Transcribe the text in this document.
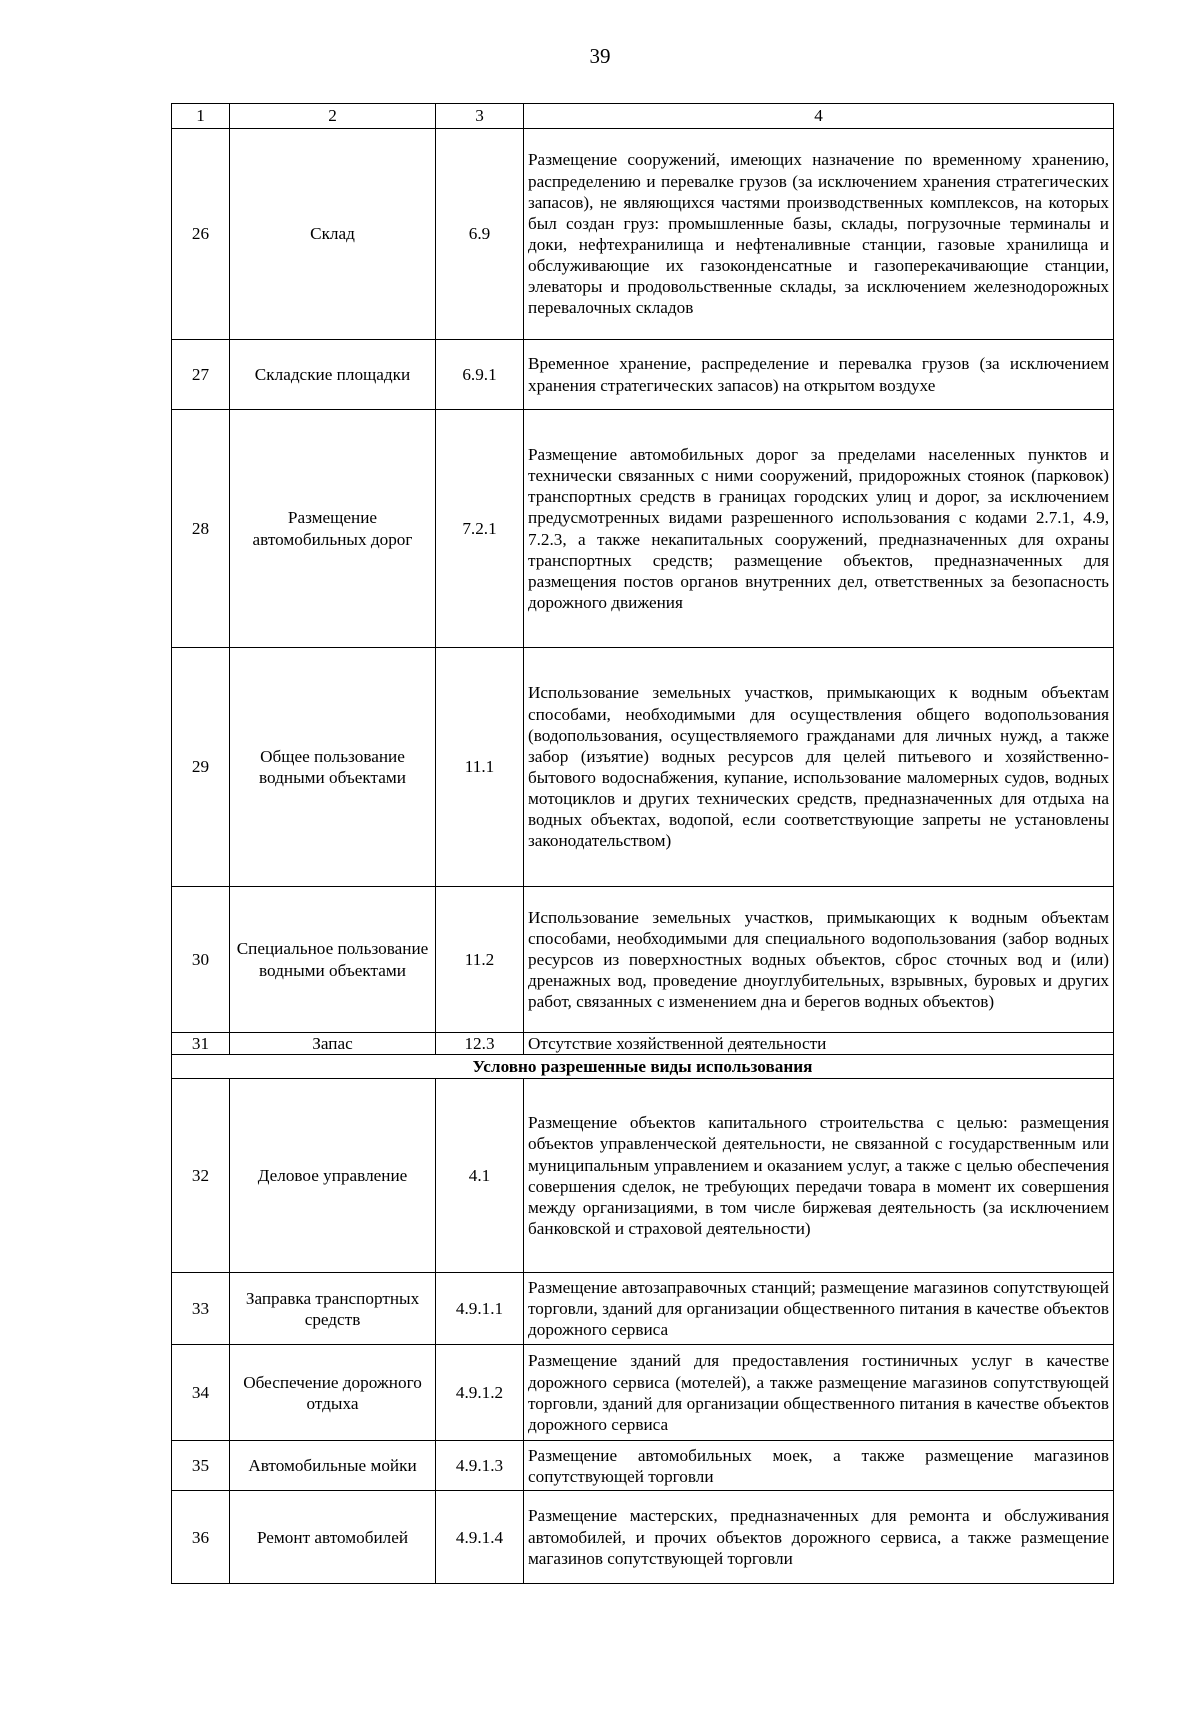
39
1	2	3	4
26	Склад	6.9	Размещение сооружений, имеющих назначение по временному хранению, распределению и перевалке грузов (за исключением хранения стратегических запасов), не являющихся частями производственных комплексов, на которых был создан груз: промышленные базы, склады, погрузочные терминалы и доки, нефтехранилища и нефтеналивные станции, газовые хранилища и обслуживающие их газоконденсатные и газоперекачивающие станции, элеваторы и продовольственные склады, за исключением железнодорожных перевалочных складов
27	Складские площадки	6.9.1	Временное хранение, распределение и перевалка грузов (за исключением хранения стратегических запасов) на открытом воздухе
28	Размещение автомобильных дорог	7.2.1	Размещение автомобильных дорог за пределами населенных пунктов и технически связанных с ними сооружений, придорожных стоянок (парковок) транспортных средств в границах городских улиц и дорог, за исключением предусмотренных видами разрешенного использования с кодами 2.7.1, 4.9, 7.2.3, а также некапитальных сооружений, предназначенных для охраны транспортных средств; размещение объектов, предназначенных для размещения постов органов внутренних дел, ответственных за безопасность дорожного движения
29	Общее пользование водными объектами	11.1	Использование земельных участков, примыкающих к водным объектам способами, необходимыми для осуществления общего водопользования (водопользования, осуществляемого гражданами для личных нужд, а также забор (изъятие) водных ресурсов для целей питьевого и хозяйственно-бытового водоснабжения, купание, использование маломерных судов, водных мотоциклов и других технических средств, предназначенных для отдыха на водных объектах, водопой, если соответствующие запреты не установлены законодательством)
30	Специальное пользование водными объектами	11.2	Использование земельных участков, примыкающих к водным объектам способами, необходимыми для специального водопользования (забор водных ресурсов из поверхностных водных объектов, сброс сточных вод и (или) дренажных вод, проведение дноуглубительных, взрывных, буровых и других работ, связанных с изменением дна и берегов водных объектов)
31	Запас	12.3	Отсутствие хозяйственной деятельности
Условно разрешенные виды использования			
32	Деловое управление	4.1	Размещение объектов капитального строительства с целью: размещения объектов управленческой деятельности, не связанной с государственным или муниципальным управлением и оказанием услуг, а также с целью обеспечения совершения сделок, не требующих передачи товара в момент их совершения между организациями, в том числе биржевая деятельность (за исключением банковской и страховой деятельности)
33	Заправка транспортных средств	4.9.1.1	Размещение автозаправочных станций; размещение магазинов сопутствующей торговли, зданий для организации общественного питания в качестве объектов дорожного сервиса
34	Обеспечение дорожного отдыха	4.9.1.2	Размещение зданий для предоставления гостиничных услуг в качестве дорожного сервиса (мотелей), а также размещение магазинов сопутствующей торговли, зданий для организации общественного питания в качестве объектов дорожного сервиса
35	Автомобильные мойки	4.9.1.3	Размещение автомобильных моек, а также размещение магазинов сопутствующей торговли
36	Ремонт автомобилей	4.9.1.4	Размещение мастерских, предназначенных для ремонта и обслуживания автомобилей, и прочих объектов дорожного сервиса, а также размещение магазинов сопутствующей торговли
